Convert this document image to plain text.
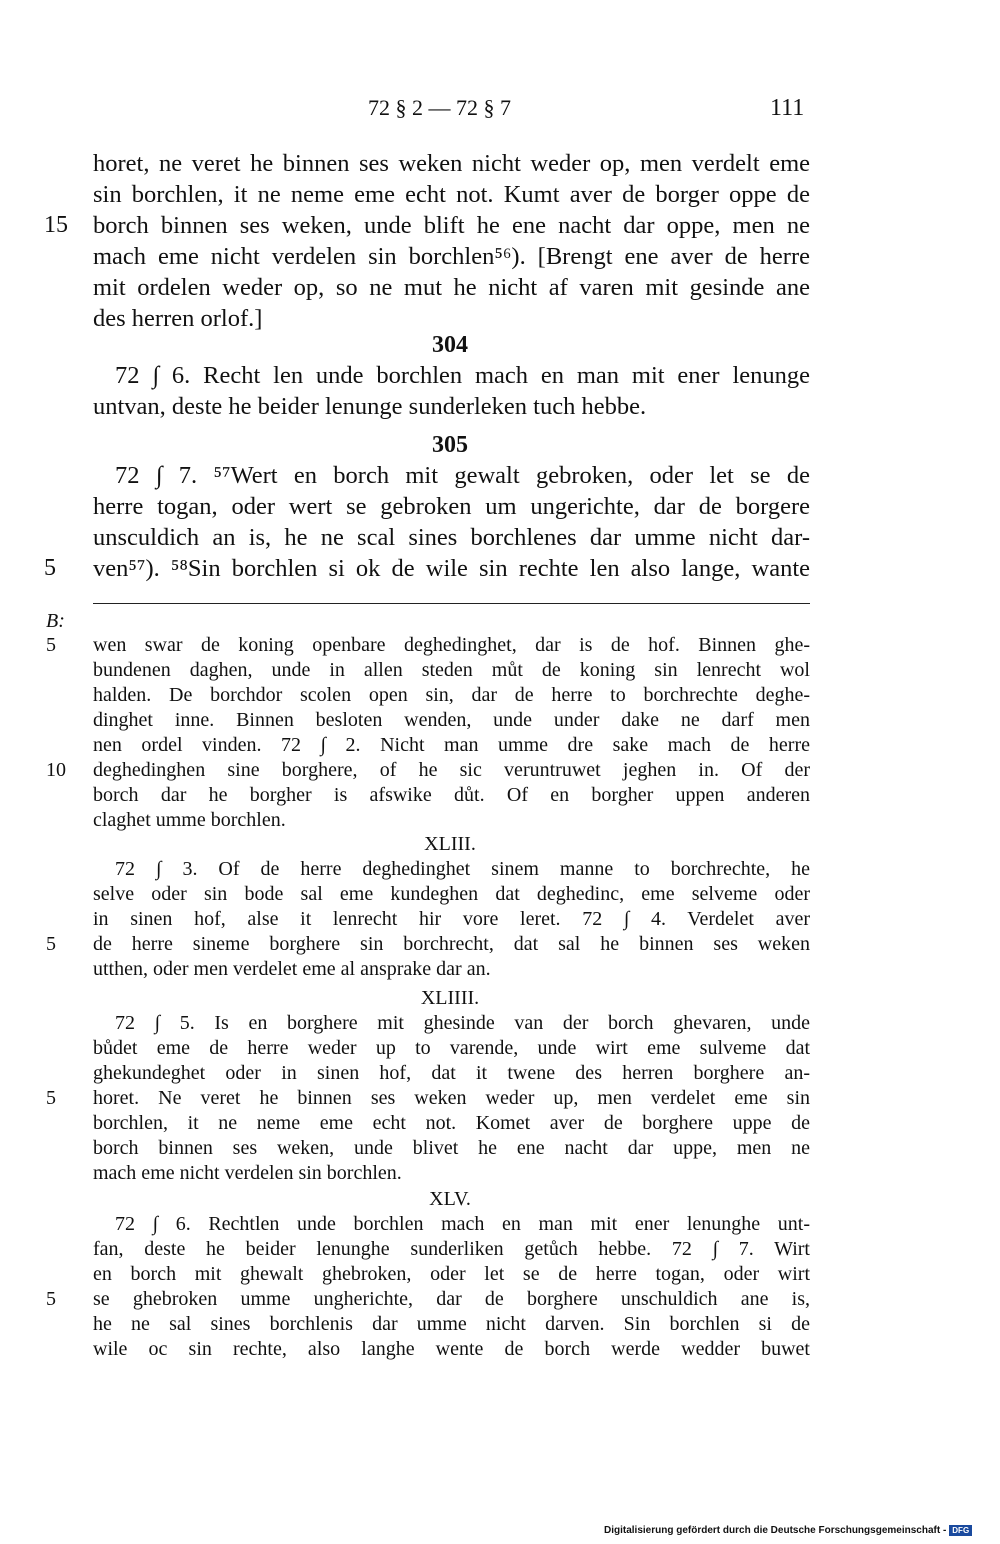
72 § 2 — 72 § 7	111
horet, ne veret he binnen ses weken nicht weder op, men verdelt eme
sin borchlen, it ne neme eme echt not. Kumt aver de borger oppe de
borch binnen ses weken, unde blift he ene nacht dar oppe, men ne
15
mach eme nicht verdelen sin borchlen⁵⁶). [Brengt ene aver de herre
mit ordelen weder op, so ne mut he nicht af varen mit gesinde ane
des herren orlof.]
72 ∫ 6. Recht len unde borchlen mach en man mit ener lenunge
untvan, deste he beider lenunge sunderleken tuch hebbe.
72 ∫ 7. ⁵⁷Wert en borch mit gewalt gebroken, oder let se de
herre togan, oder wert se gebroken um ungerichte, dar de borgere
unsculdich an is, he ne scal sines borchlenes dar umme nicht dar-
ven⁵⁷). ⁵⁸Sin borchlen si ok de wile sin rechte len also lange, wante
5
304
305
B:
wen swar de koning openbare deghedinghet, dar is de hof. Binnen ghe-
5
bundenen daghen, unde in allen steden můt de koning sin lenrecht wol
halden. De borchdor scolen open sin, dar de herre to borchrechte deghe-
dinghet inne. Binnen besloten wenden, unde under dake ne darf men
nen ordel vinden. 72 ∫ 2. Nicht man umme dre sake mach de herre
deghedinghen sine borghere, of he sic veruntruwet jeghen in. Of der
10
borch dar he borgher is afswike důt. Of en borgher uppen anderen
claghet umme borchlen.
72 ∫ 3. Of de herre deghedinghet sinem manne to borchrechte, he
selve oder sin bode sal eme kundeghen dat deghedinc, eme selveme oder
in sinen hof, alse it lenrecht hir vore leret. 72 ∫ 4. Verdelet aver
de herre sineme borghere sin borchrecht, dat sal he binnen ses weken
5
utthen, oder men verdelet eme al ansprake dar an.
72 ∫ 5. Is en borghere mit ghesinde van der borch ghevaren, unde
bůdet eme de herre weder up to varende, unde wirt eme sulveme dat
ghekundeghet oder in sinen hof, dat it twene des herren borghere an-
horet. Ne veret he binnen ses weken weder up, men verdelet eme sin
5
borchlen, it ne neme eme echt not. Komet aver de borghere uppe de
borch binnen ses weken, unde blivet he ene nacht dar uppe, men ne
mach eme nicht verdelen sin borchlen.
72 ∫ 6. Rechtlen unde borchlen mach en man mit ener lenunghe unt-
fan, deste he beider lenunghe sunderliken getůch hebbe. 72 ∫ 7. Wirt
en borch mit ghewalt ghebroken, oder let se de herre togan, oder wirt
se ghebroken umme ungherichte, dar de borghere unschuldich ane is,
5
he ne sal sines borchlenis dar umme nicht darven. Sin borchlen si de
wile oc sin rechte, also langhe wente de borch werde wedder buwet
XLIII.
XLIIII.
XLV.
Digitalisierung gefördert durch die Deutsche Forschungsgemeinschaft - DFG
